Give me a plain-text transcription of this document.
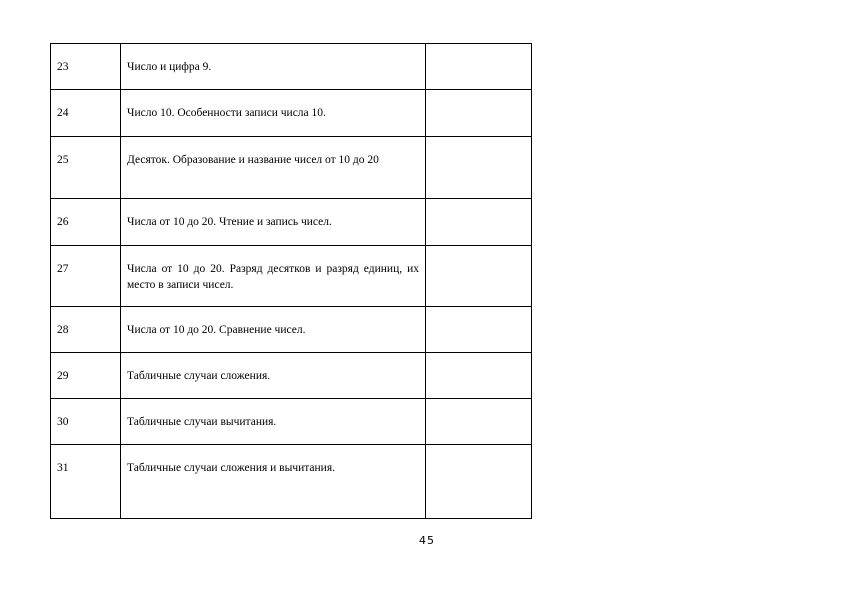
23	Число и цифра 9.	
24	Число 10. Особенности записи числа 10.	
25	Десяток. Образование и название чисел от 10 до 20	
26	Числа от 10 до 20. Чтение и запись чисел.	
27	Числа от 10 до 20. Разряд десятков и разряд единиц, их место в записи чисел.	
28	Числа от 10 до 20. Сравнение чисел.	
29	Табличные случаи сложения.	
30	Табличные случаи вычитания.	
31	Табличные случаи сложения и вычитания.	
45
